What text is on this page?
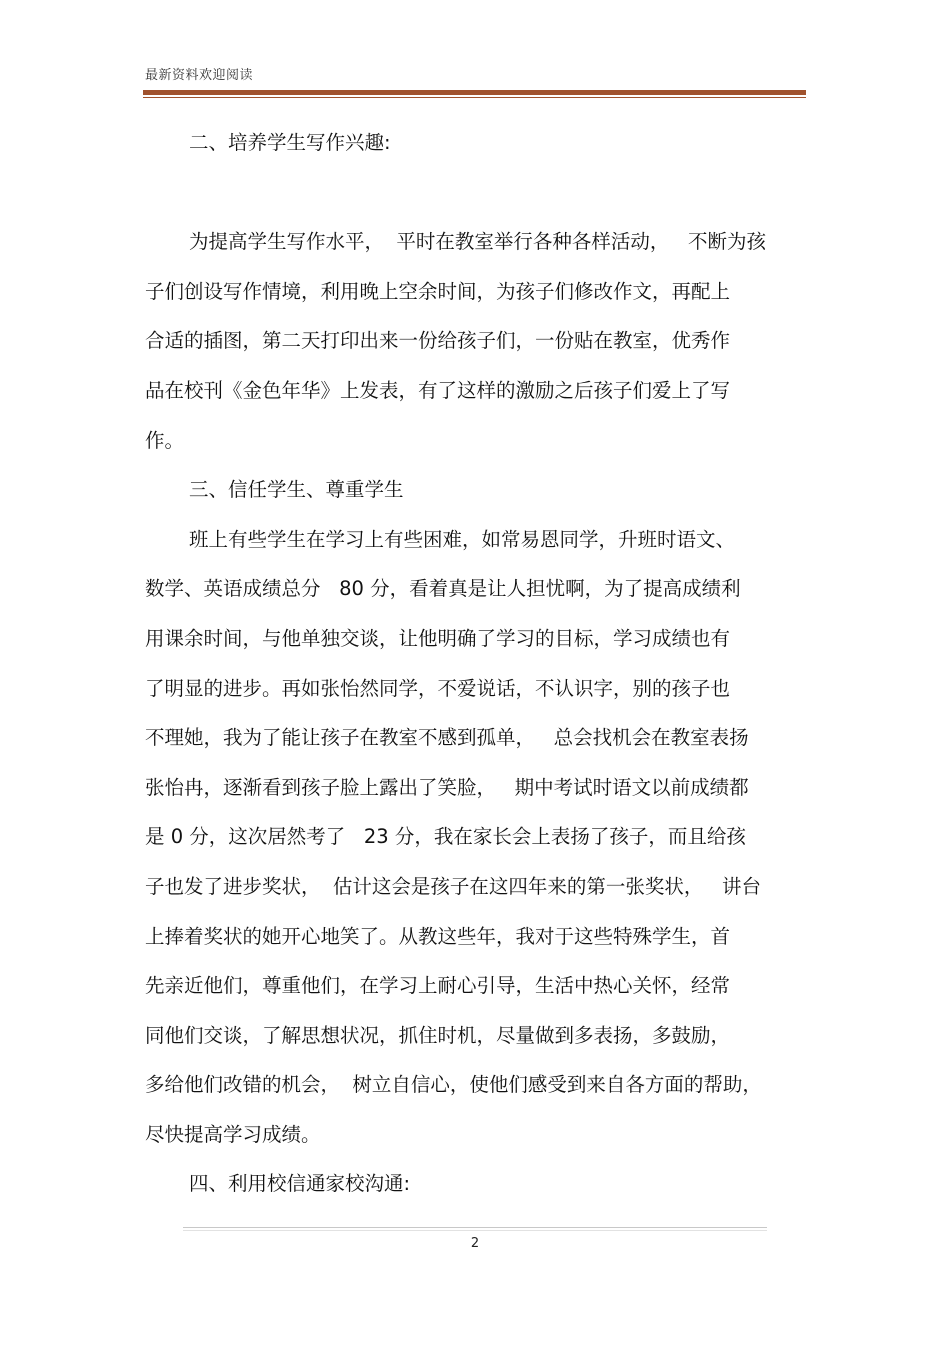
最新资料欢迎阅读
二、培养学生写作兴趣:
为提高学生写作水平，  平时在教室举行各种各样活动，   不断为孩
子们创设写作情境，利用晚上空余时间，为孩子们修改作文，再配上
合适的插图，第二天打印出来一份给孩子们，一份贴在教室，优秀作
品在校刊《金色年华》上发表，有了这样的激励之后孩子们爱上了写
作。
三、信任学生、尊重学生
班上有些学生在学习上有些困难，如常易恩同学，升班时语文、
数学、英语成绩总分   80 分，看着真是让人担忧啊，为了提高成绩利
用课余时间，与他单独交谈，让他明确了学习的目标，学习成绩也有
了明显的进步。再如张怡然同学，不爱说话，不认识字，别的孩子也
不理她，我为了能让孩子在教室不感到孤单，   总会找机会在教室表扬
张怡冉，逐渐看到孩子脸上露出了笑脸，   期中考试时语文以前成绩都
是 0 分，这次居然考了   23 分，我在家长会上表扬了孩子，而且给孩
子也发了进步奖状，  估计这会是孩子在这四年来的第一张奖状，   讲台
上捧着奖状的她开心地笑了。从教这些年，我对于这些特殊学生，首
先亲近他们，尊重他们，在学习上耐心引导，生活中热心关怀，经常
同他们交谈，了解思想状况，抓住时机，尽量做到多表扬，多鼓励，
多给他们改错的机会，  树立自信心，使他们感受到来自各方面的帮助，
尽快提高学习成绩。
四、利用校信通家校沟通:
2
